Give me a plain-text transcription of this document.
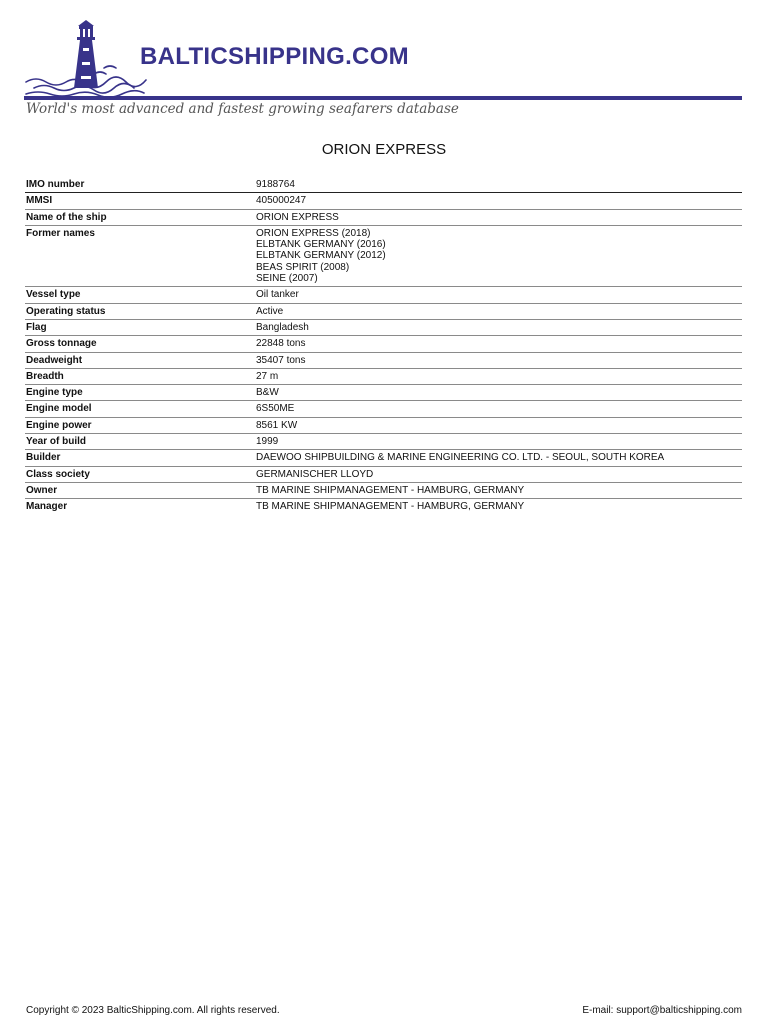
BALTICSHIPPING.COM
World's most advanced and fastest growing seafarers database
ORION EXPRESS
IMO number	9188764
MMSI	405000247
Name of the ship	ORION EXPRESS
Former names	ORION EXPRESS (2018)
ELBTANK GERMANY (2016)
ELBTANK GERMANY (2012)
BEAS SPIRIT (2008)
SEINE (2007)

Vessel type	Oil tanker
Operating status	Active
Flag	Bangladesh
Gross tonnage	22848 tons
Deadweight	35407 tons
Breadth	27 m
Engine type	B&W
Engine model	6S50ME
Engine power	8561 KW
Year of build	1999
Builder	DAEWOO SHIPBUILDING & MARINE ENGINEERING CO. LTD. - SEOUL, SOUTH KOREA
Class society	GERMANISCHER LLOYD
Owner	TB MARINE SHIPMANAGEMENT - HAMBURG, GERMANY
Manager	TB MARINE SHIPMANAGEMENT - HAMBURG, GERMANY
Copyright © 2023 BalticShipping.com. All rights reserved.	E-mail: support@balticshipping.com
